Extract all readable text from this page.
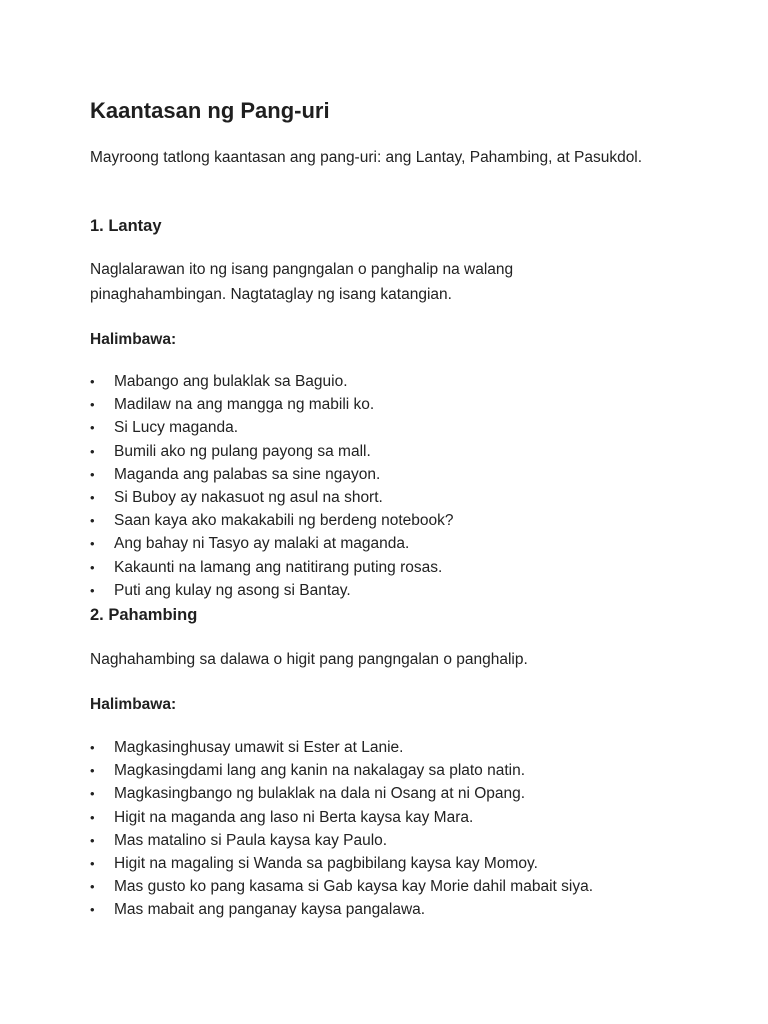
Kaantasan ng Pang-uri

Mayroong tatlong kaantasan ang pang-uri: ang Lantay, Pahambing, at Pasukdol.

1. Lantay

Naglalarawan ito ng isang pangngalan o panghalip na walang pinaghahambingan. Nagtataglay ng isang katangian.

Halimbawa:

•	Mabango ang bulaklak sa Baguio.
•	Madilaw na ang mangga ng mabili ko.
•	Si Lucy maganda.
•	Bumili ako ng pulang payong sa mall.
•	Maganda ang palabas sa sine ngayon.
•	Si Buboy ay nakasuot ng asul na short.
•	Saan kaya ako makakabili ng berdeng notebook?
•	Ang bahay ni Tasyo ay malaki at maganda.
•	Kakaunti na lamang ang natitirang puting rosas.
•	Puti ang kulay ng asong si Bantay.
2. Pahambing

Naghahambing sa dalawa o higit pang pangngalan o panghalip.

Halimbawa:

•	Magkasinghusay umawit si Ester at Lanie.
•	Magkasingdami lang ang kanin na nakalagay sa plato natin.
•	Magkasingbango ng bulaklak na dala ni Osang at ni Opang.
•	Higit na maganda ang laso ni Berta kaysa kay Mara.
•	Mas matalino si Paula kaysa kay Paulo.
•	Higit na magaling si Wanda sa pagbibilang kaysa kay Momoy.
•	Mas gusto ko pang kasama si Gab kaysa kay Morie dahil mabait siya.
•	Mas mabait ang panganay kaysa pangalawa.
